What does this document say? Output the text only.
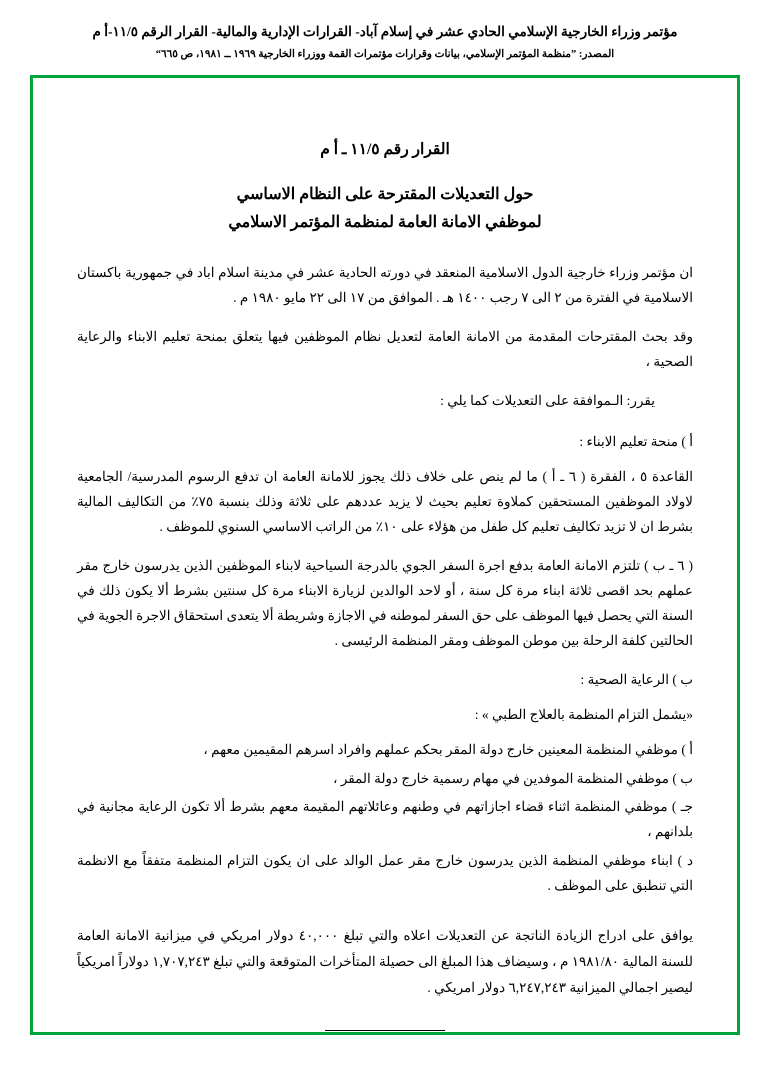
مؤتمر وزراء الخارجية الإسلامي الحادي عشر في إسلام آباد- القرارات الإدارية والمالية- القرار الرقم ١١/٥-أ م
المصدر: ”منظمة المؤتمر الإسلامي، بيانات وقرارات مؤتمرات القمة ووزراء الخارجية ١٩٦٩ ــ ١٩٨١، ص ٦٦٥“
القرار رقم ١١/٥ ـ أ م
حول التعديلات المقترحة على النظام الاساسي
لموظفي الامانة العامة لمنظمة المؤتمر الاسلامي

ان مؤتمر وزراء خارجية الدول الاسلامية المنعقد في دورته الحادية عشر في مدينة اسلام اباد في جمهورية باكستان الاسلامية في الفترة من ٢ الى ٧ رجب ١٤٠٠ هـ . الموافق من ١٧ الى ٢٢ مايو ١٩٨٠ م .

وقد بحث المقترحات المقدمة من الامانة العامة لتعديل نظام الموظفين فيها يتعلق بمنحة تعليم الابناء والرعاية الصحية ،

يقرر: الـموافقة على التعديلات كما يلي :

أ ) منحة تعليم الابناء :

القاعدة ٥ ، الفقرة ( ٦ ـ أ ) ما لم ينص على خلاف ذلك يجوز للامانة العامة ان تدفع الرسوم المدرسية/ الجامعية لاولاد الموظفين المستحقين كملاوة تعليم بحيث لا يزيد عددهم على ثلاثة وذلك بنسبة ٧٥٪ من التكاليف المالية بشرط ان لا تزيد تكاليف تعليم كل طفل من هؤلاء على ١٠٪ من الراتب الاساسي السنوي للموظف .

( ٦ ـ ب ) تلتزم الامانة العامة بدفع اجرة السفر الجوي بالدرجة السياحية لابناء الموظفين الذين يدرسون خارج مقر عملهم بحد اقصى ثلاثة ابناء مرة كل سنة ، أو لاحد الوالدين لزيارة الابناء مرة كل سنتين بشرط ألا يكون ذلك في السنة التي يحصل فيها الموظف على حق السفر لموطنه في الاجازة وشريطة ألا يتعدى استحقاق الاجرة الجوية في الحالتين كلفة الرحلة بين موطن الموظف ومقر المنظمة الرئيسى .

ب ) الرعاية الصحية :

«يشمل التزام المنظمة بالعلاج الطبي » :

أ ) موظفي المنظمة المعينين خارج دولة المقر بحكم عملهم وافراد اسرهم المقيمين معهم ،

ب ) موظفي المنظمة الموفدين في مهام رسمية خارج دولة المقر ،

جـ ) موظفي المنظمة اثناء قضاء اجازاتهم في وطنهم وعائلاتهم المقيمة معهم بشرط ألا تكون الرعاية مجانية في بلدانهم ،

د ) ابناء موظفي المنظمة الذين يدرسون خارج مقر عمل الوالد على ان يكون التزام المنظمة متفقاً مع الانظمة التي تنطبق على الموظف .

يوافق على ادراج الزيادة الناتجة عن التعديلات اعلاه والتي تبلغ ٤٠,٠٠٠ دولار امريكي في ميزانية الامانة العامة للسنة المالية ١٩٨١/٨٠ م ، وسيضاف هذا المبلغ الى حصيلة المتأخرات المتوقعة والتي تبلغ ١,٧٠٧,٢٤٣ دولاراً امريكياً ليصير اجمالي الميزانية ٦,٢٤٧,٢٤٣ دولار امريكي .
